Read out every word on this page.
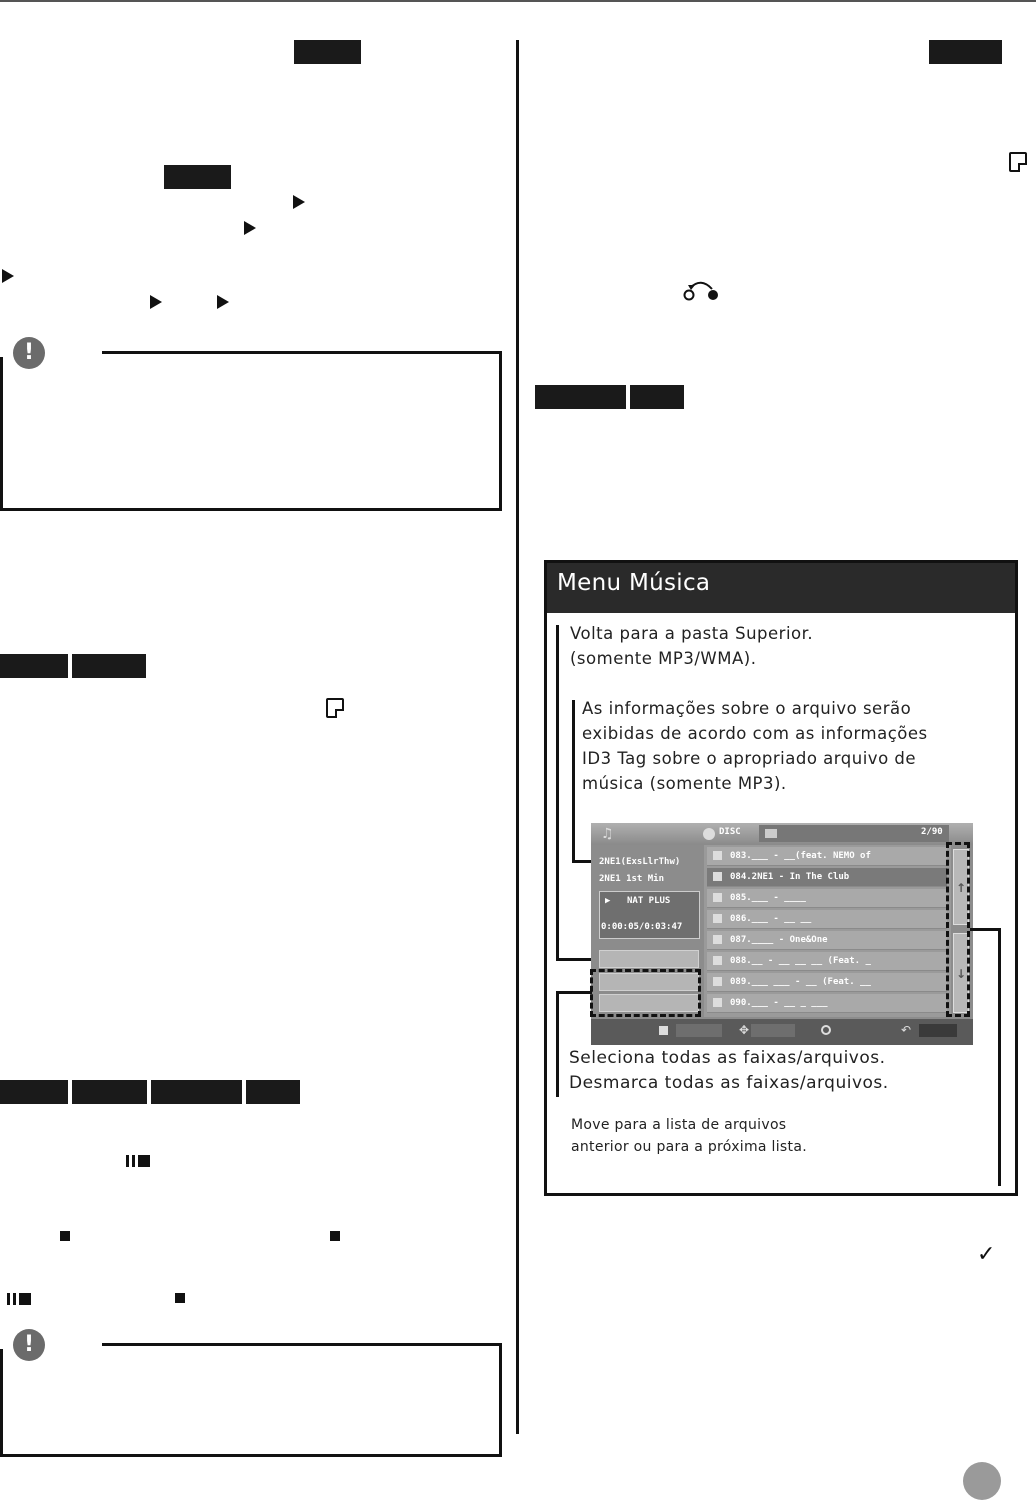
!
!
Menu Música
Volta para a pasta Superior.
(somente MP3/WMA).
As informações sobre o arquivo serão
exibidas de acordo com as informações
ID3 Tag sobre o apropriado arquivo de
música (somente MP3).
♫	DISC	2/90
2NE1(ExsLlrThw)
2NE1 1st Min
▶ NAT PLUS
0:00:05/0:03:47
083.___ - __(feat. NEMO of
084.2NE1 - In The Club
085.___ - ____
086.___ - __ __
087.____ - One&One
088.__ - __ __ __ (Feat. _
089.___ ___ - __ (Feat. __
090.___ - __ _ ___
↑
↓
✥	↶
Seleciona todas as faixas/arquivos.
Desmarca todas as faixas/arquivos.
Move para a lista de arquivos
anterior ou para a próxima lista.
✓
